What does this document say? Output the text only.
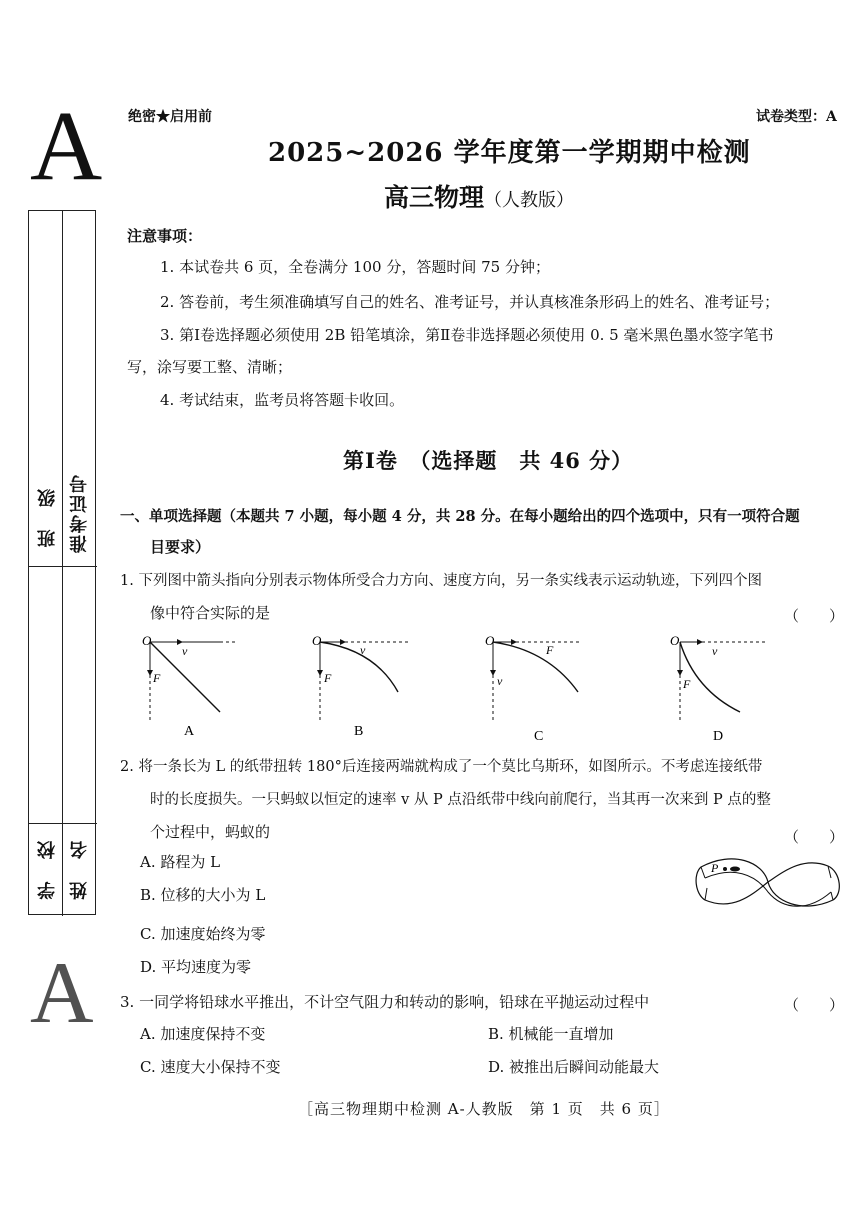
A 绝密★启用前	试卷类型：A
2025~2026 学年度第一学期期中检测
高三物理（人教版）
班 级 准考证号
学 校 姓 名
A
注意事项：
1. 本试卷共 6 页，全卷满分 100 分，答题时间 75 分钟；
2. 答卷前，考生须准确填写自己的姓名、准考证号，并认真核准条形码上的姓名、准考证号；
3. 第Ⅰ卷选择题必须使用 2B 铅笔填涂，第Ⅱ卷非选择题必须使用 0. 5 毫米黑色墨水签字笔书
写，涂写要工整、清晰；
4. 考试结束，监考员将答题卡收回。
第Ⅰ卷　（选择题　共 46 分）
一、单项选择题（本题共 7 小题，每小题 4 分，共 28 分。在每小题给出的四个选项中，只有一项符合题
目要求）
1. 下列图中箭头指向分别表示物体所受合力方向、速度方向，另一条实线表示运动轨迹，下列四个图
像中符合实际的是	（　　）
O
v
F
A
O
v
F
B
O
F
v
C
O
v
F
D
2. 将一条长为 L 的纸带扭转 180°后连接两端就构成了一个莫比乌斯环，如图所示。不考虑连接纸带
时的长度损失。一只蚂蚁以恒定的速率 v 从 P 点沿纸带中线向前爬行，当其再一次来到 P 点的整
个过程中，蚂蚁的	（　　）
A. 路程为 L
B. 位移的大小为 L
C. 加速度始终为零
D. 平均速度为零
P
3. 一同学将铅球水平推出，不计空气阻力和转动的影响，铅球在平抛运动过程中	（　　）
A. 加速度保持不变	B. 机械能一直增加
C. 速度大小保持不变	D. 被推出后瞬间动能最大
［高三物理期中检测 A-人教版　第 1 页　共 6 页］
